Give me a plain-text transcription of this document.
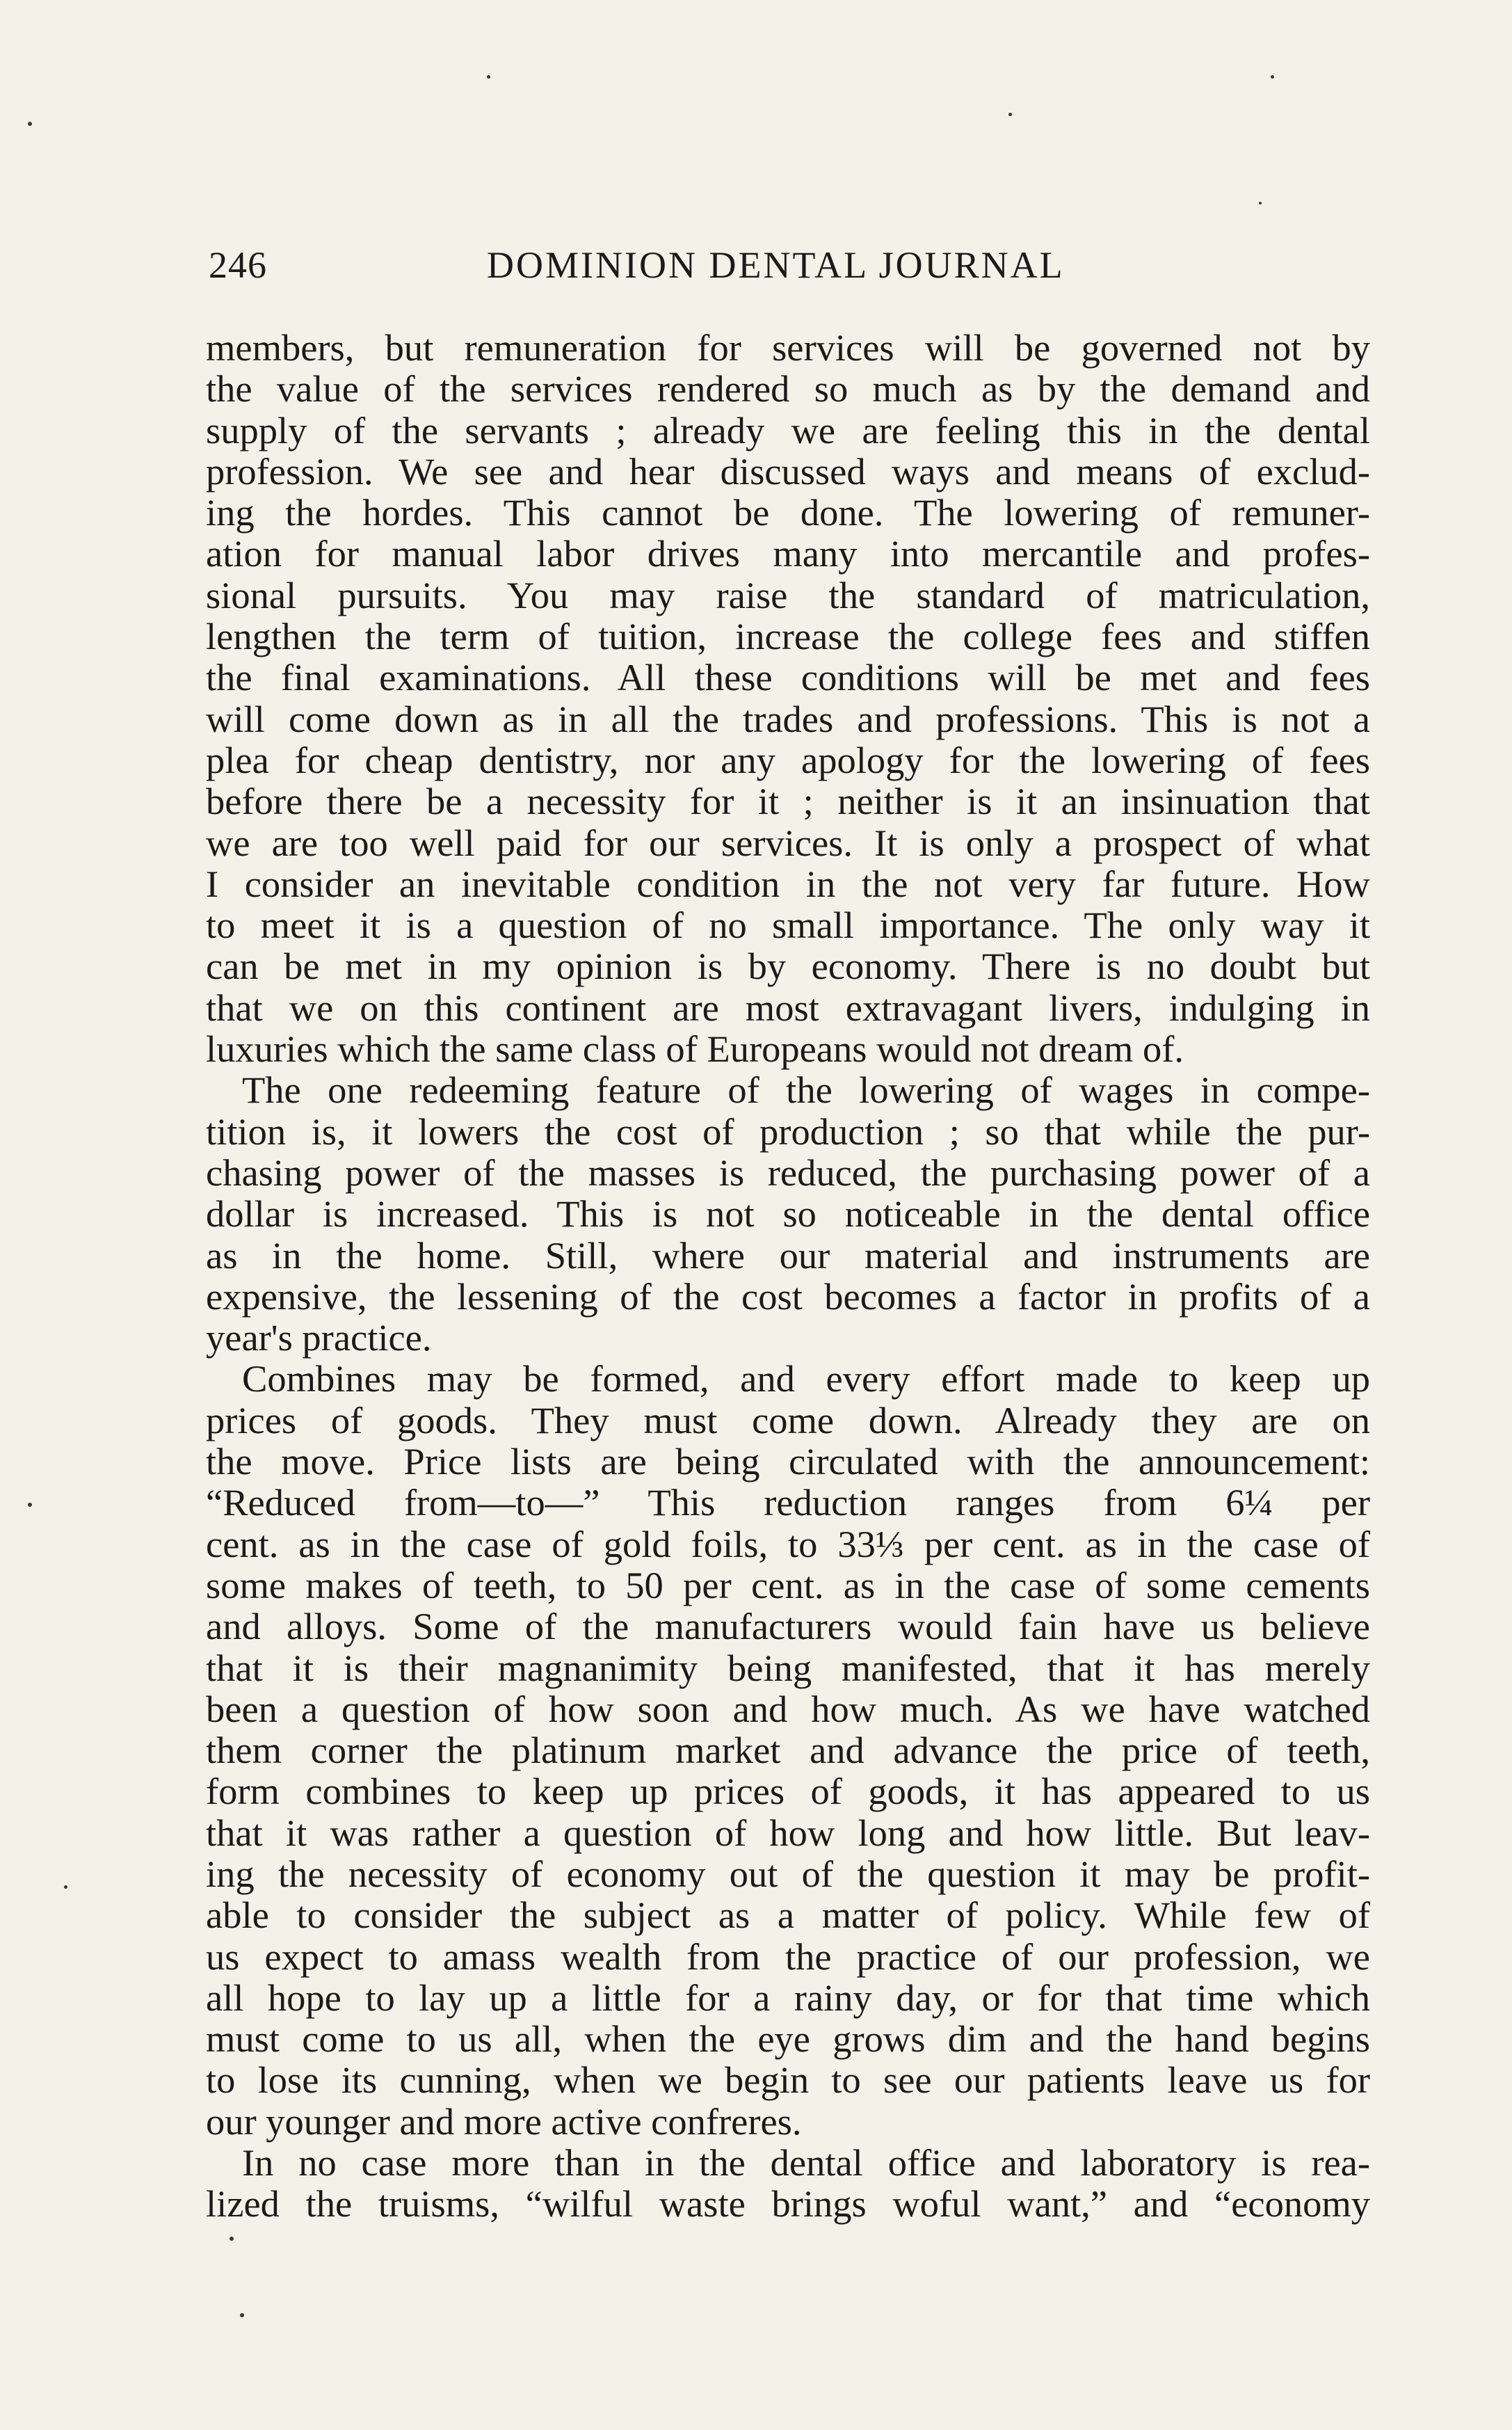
246	DOMINION DENTAL JOURNAL
members, but remuneration for services will be governed not by
the value of the services rendered so much as by the demand and
supply of the servants ; already we are feeling this in the dental
profession. We see and hear discussed ways and means of exclud-
ing the hordes. This cannot be done. The lowering of remuner-
ation for manual labor drives many into mercantile and profes-
sional pursuits. You may raise the standard of matriculation,
lengthen the term of tuition, increase the college fees and stiffen
the final examinations. All these conditions will be met and fees
will come down as in all the trades and professions. This is not a
plea for cheap dentistry, nor any apology for the lowering of fees
before there be a necessity for it ; neither is it an insinuation that
we are too well paid for our services. It is only a prospect of what
I consider an inevitable condition in the not very far future. How
to meet it is a question of no small importance. The only way it
can be met in my opinion is by economy. There is no doubt but
that we on this continent are most extravagant livers, indulging in
luxuries which the same class of Europeans would not dream of.
The one redeeming feature of the lowering of wages in compe-
tition is, it lowers the cost of production ; so that while the pur-
chasing power of the masses is reduced, the purchasing power of a
dollar is increased. This is not so noticeable in the dental office
as in the home. Still, where our material and instruments are
expensive, the lessening of the cost becomes a factor in profits of a
year's practice.
Combines may be formed, and every effort made to keep up
prices of goods. They must come down. Already they are on
the move. Price lists are being circulated with the announcement:
“Reduced from—to—” This reduction ranges from 6¼ per
cent. as in the case of gold foils, to 33⅓ per cent. as in the case of
some makes of teeth, to 50 per cent. as in the case of some cements
and alloys. Some of the manufacturers would fain have us believe
that it is their magnanimity being manifested, that it has merely
been a question of how soon and how much. As we have watched
them corner the platinum market and advance the price of teeth,
form combines to keep up prices of goods, it has appeared to us
that it was rather a question of how long and how little. But leav-
ing the necessity of economy out of the question it may be profit-
able to consider the subject as a matter of policy. While few of
us expect to amass wealth from the practice of our profession, we
all hope to lay up a little for a rainy day, or for that time which
must come to us all, when the eye grows dim and the hand begins
to lose its cunning, when we begin to see our patients leave us for
our younger and more active confreres.
In no case more than in the dental office and laboratory is rea-
lized the truisms, “wilful waste brings woful want,” and “economy
